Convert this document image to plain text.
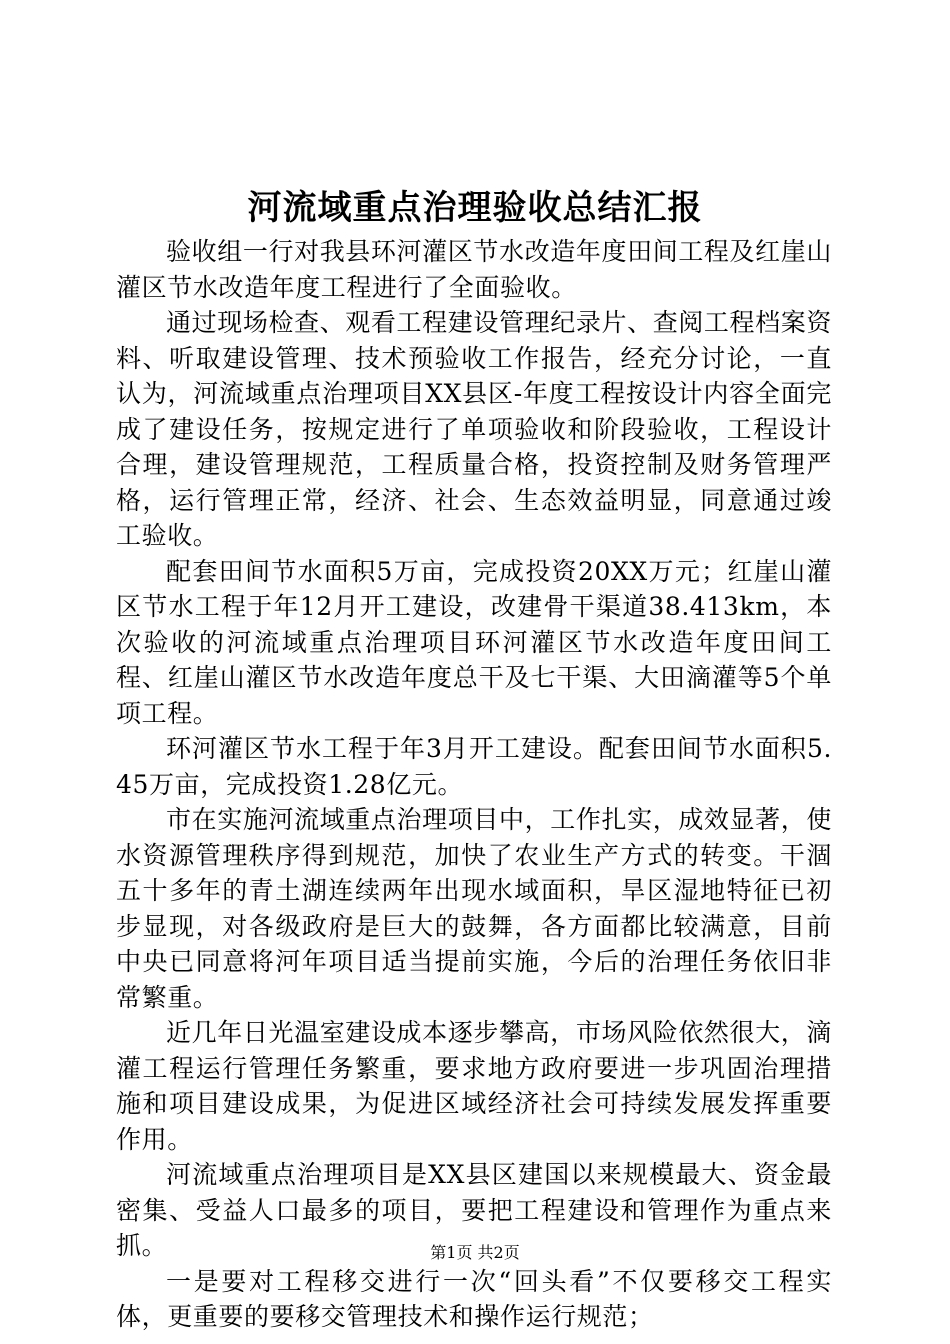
河流域重点治理验收总结汇报

验收组一行对我县环河灌区节水改造年度田间工程及红崖山灌区节水改造年度工程进行了全面验收。

通过现场检查、观看工程建设管理纪录片、查阅工程档案资料、听取建设管理、技术预验收工作报告，经充分讨论，一直认为，河流域重点治理项目XX县区-年度工程按设计内容全面完成了建设任务，按规定进行了单项验收和阶段验收，工程设计合理，建设管理规范，工程质量合格，投资控制及财务管理严格，运行管理正常，经济、社会、生态效益明显，同意通过竣工验收。

配套田间节水面积5万亩，完成投资20XX万元；红崖山灌区节水工程于年12月开工建设，改建骨干渠道38.413km，本次验收的河流域重点治理项目环河灌区节水改造年度田间工程、红崖山灌区节水改造年度总干及七干渠、大田滴灌等5个单项工程。

环河灌区节水工程于年3月开工建设。配套田间节水面积5.45万亩，完成投资1.28亿元。

市在实施河流域重点治理项目中，工作扎实，成效显著，使水资源管理秩序得到规范，加快了农业生产方式的转变。干涸五十多年的青土湖连续两年出现水域面积，旱区湿地特征已初步显现，对各级政府是巨大的鼓舞，各方面都比较满意，目前中央已同意将河年项目适当提前实施，今后的治理任务依旧非常繁重。

近几年日光温室建设成本逐步攀高，市场风险依然很大，滴灌工程运行管理任务繁重，要求地方政府要进一步巩固治理措施和项目建设成果，为促进区域经济社会可持续发展发挥重要作用。

河流域重点治理项目是XX县区建国以来规模最大、资金最密集、受益人口最多的项目，要把工程建设和管理作为重点来抓。

一是要对工程移交进行一次“回头看”不仅要移交工程实体，更重要的要移交管理技术和操作运行规范；

第1页 共2页
